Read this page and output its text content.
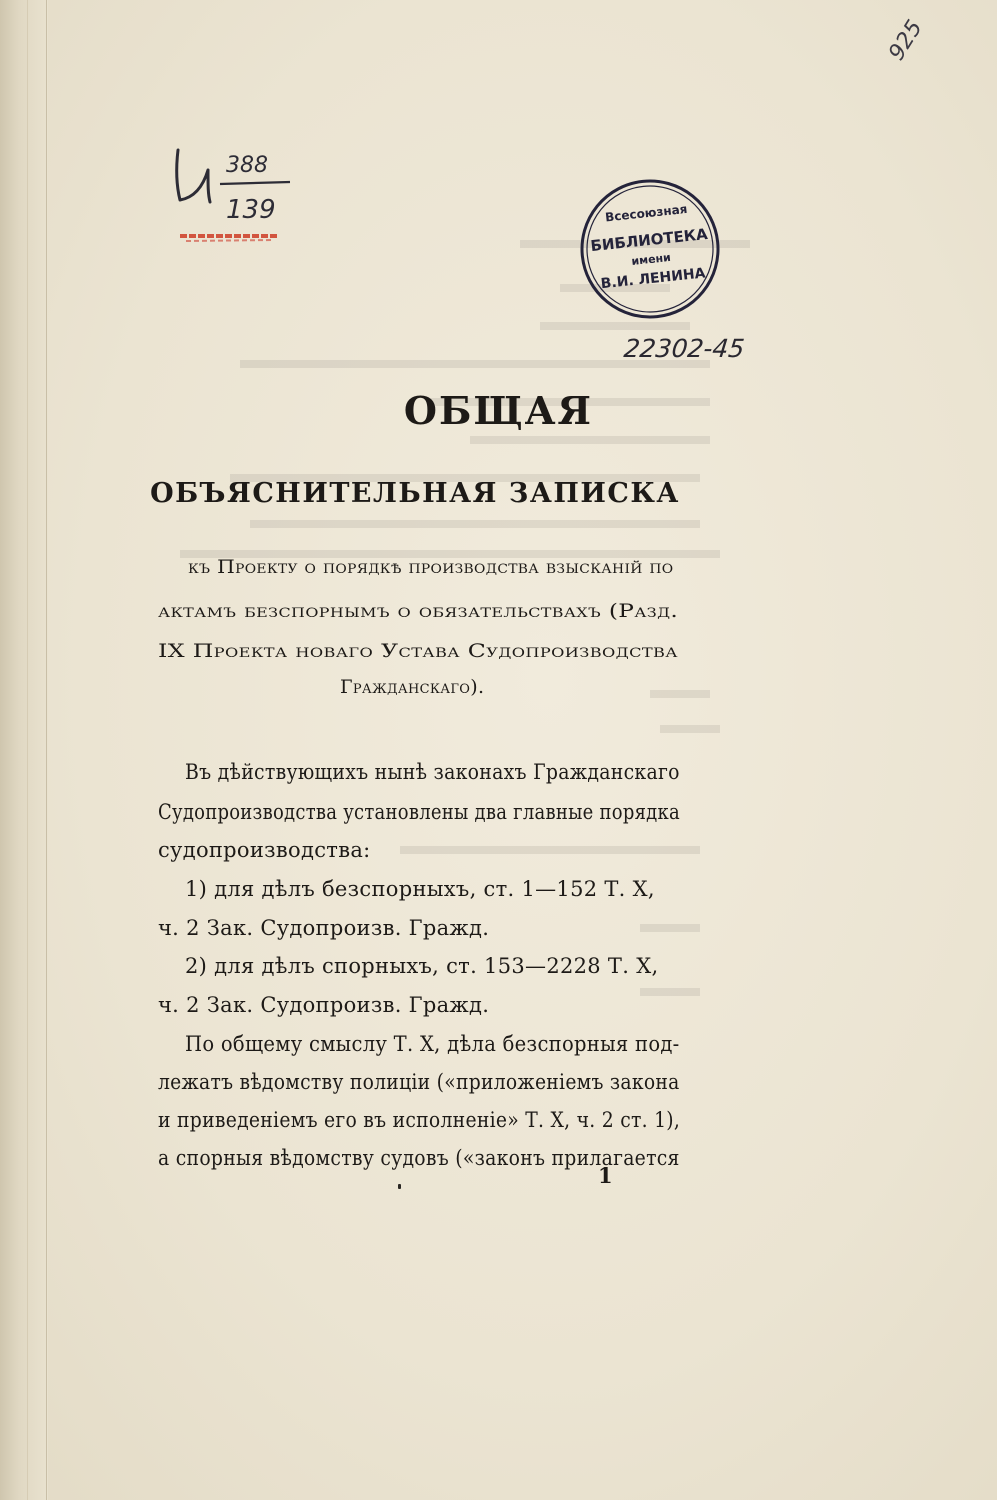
388
139
925
Всесоюзная
БИБЛИОТЕКА
имени
В.И. ЛЕНИНА
22302-45
ОБЩАЯ
ОБЪЯСНИТЕЛЬНАЯ ЗАПИСКА
къ Проекту о порядкѣ производства взысканій по
актамъ безспорнымъ о обязательствахъ (Разд.
IX Проекта новаго Устава Судопроизводства
Гражданскаго).
Въ дѣйствующихъ нынѣ законахъ Гражданскаго
Судопроизводства установлены два главные порядка
судопроизводства:
1) для дѣлъ безспорныхъ, ст. 1—152 Т. X,
ч. 2 Зак. Судопроизв. Гражд.
2) для дѣлъ спорныхъ, ст. 153—2228 Т. X,
ч. 2 Зак. Судопроизв. Гражд.
По общему смыслу Т. X, дѣла безспорныя под-
лежатъ вѣдомству полиціи («приложеніемъ закона
и приведеніемъ его въ исполненіе» Т. X, ч. 2 ст. 1),
а спорныя вѣдомству судовъ («законъ прилагается
1
